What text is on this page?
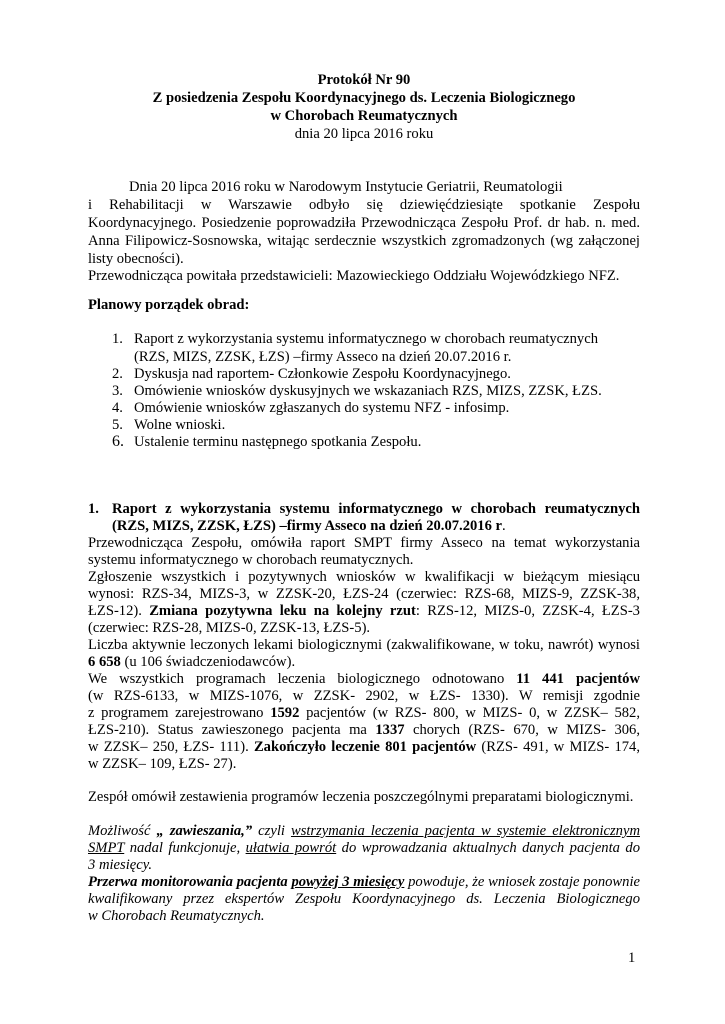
Protokół Nr 90
Z posiedzenia Zespołu Koordynacyjnego ds. Leczenia Biologicznego
w Chorobach Reumatycznych
dnia 20 lipca 2016 roku
Dnia 20 lipca 2016 roku w Narodowym Instytucie Geriatrii, Reumatologii
i Rehabilitacji w Warszawie odbyło się dziewięćdziesiąte spotkanie Zespołu
Koordynacyjnego. Posiedzenie poprowadziła Przewodnicząca Zespołu Prof. dr hab. n. med.
Anna Filipowicz-Sosnowska, witając serdecznie wszystkich zgromadzonych (wg załączonej
listy obecności).
Przewodnicząca powitała przedstawicieli: Mazowieckiego Oddziału Wojewódzkiego NFZ.
Planowy porządek obrad:
1. Raport z wykorzystania systemu informatycznego w chorobach reumatycznych
(RZS, MIZS, ZZSK, ŁZS) –firmy Asseco na dzień 20.07.2016 r.
2. Dyskusja nad raportem- Członkowie Zespołu Koordynacyjnego.
3. Omówienie wniosków dyskusyjnych we wskazaniach RZS, MIZS, ZZSK, ŁZS.
4. Omówienie wniosków zgłaszanych do systemu NFZ - infosimp.
5. Wolne wnioski.
6. Ustalenie terminu następnego spotkania Zespołu.
1. Raport z wykorzystania systemu informatycznego w chorobach reumatycznych
(RZS, MIZS, ZZSK, ŁZS) –firmy Asseco na dzień 20.07.2016 r.
Przewodnicząca Zespołu, omówiła raport SMPT firmy Asseco na temat wykorzystania
systemu informatycznego w chorobach reumatycznych.
Zgłoszenie wszystkich i pozytywnych wniosków w kwalifikacji w bieżącym miesiącu
wynosi: RZS-34, MIZS-3, w ZZSK-20, ŁZS-24 (czerwiec: RZS-68, MIZS-9, ZZSK-38,
ŁZS-12). Zmiana pozytywna leku na kolejny rzut: RZS-12, MIZS-0, ZZSK-4, ŁZS-3
(czerwiec: RZS-28, MIZS-0, ZZSK-13, ŁZS-5).
Liczba aktywnie leczonych lekami biologicznymi (zakwalifikowane, w toku, nawrót) wynosi
6 658 (u 106 świadczeniodawców).
We wszystkich programach leczenia biologicznego odnotowano 11 441 pacjentów
(w RZS-6133, w MIZS-1076, w ZZSK- 2902, w ŁZS- 1330). W remisji zgodnie
z programem zarejestrowano 1592 pacjentów (w RZS- 800, w MIZS- 0, w ZZSK– 582,
ŁZS-210). Status zawieszonego pacjenta ma 1337 chorych (RZS- 670, w MIZS- 306,
w ZZSK– 250, ŁZS- 111). Zakończyło leczenie 801 pacjentów (RZS- 491, w MIZS- 174,
w ZZSK– 109, ŁZS- 27).
Zespół omówił zestawienia programów leczenia poszczególnymi preparatami biologicznymi.
Możliwość „ zawieszania,” czyli wstrzymania leczenia pacjenta w systemie elektronicznym
SMPT nadal funkcjonuje, ułatwia powrót do wprowadzania aktualnych danych pacjenta do
3 miesięcy.
Przerwa monitorowania pacjenta powyżej 3 miesięcy powoduje, że wniosek zostaje ponownie
kwalifikowany przez ekspertów Zespołu Koordynacyjnego ds. Leczenia Biologicznego
w Chorobach Reumatycznych.
1
